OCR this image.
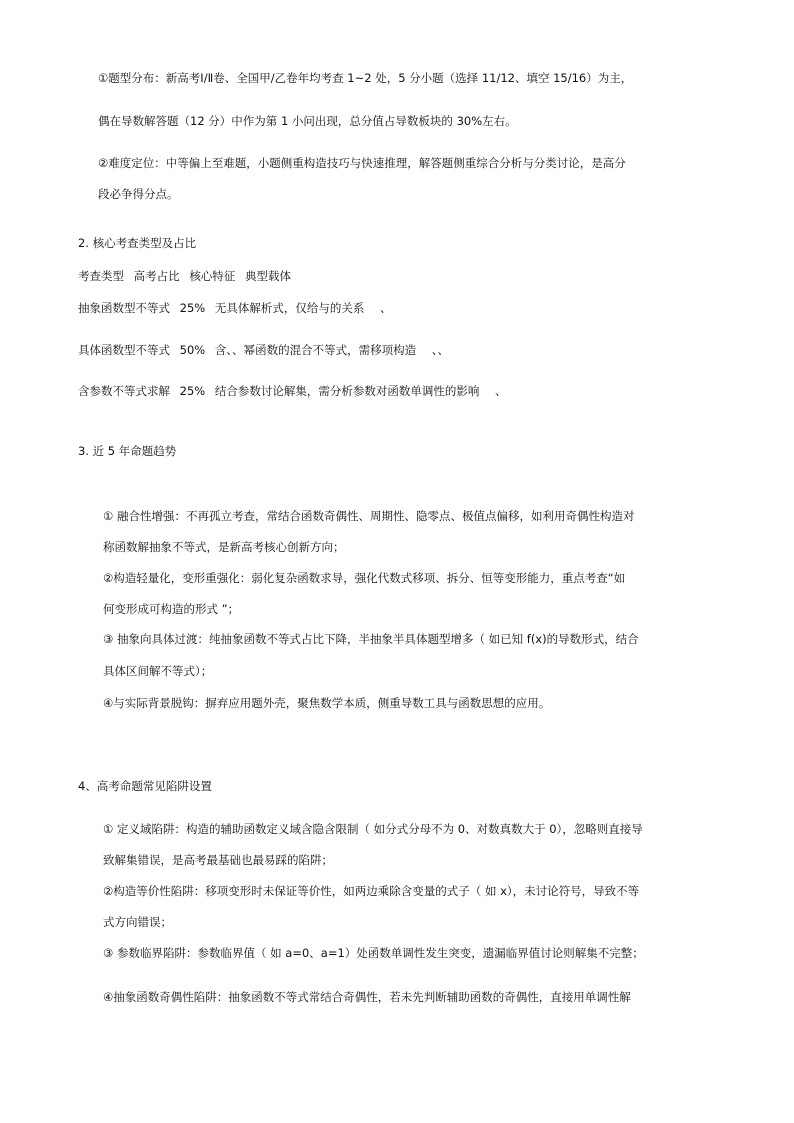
①题型分布：新高考Ⅰ/Ⅱ卷、全国甲/乙卷年均考查 1~2 处，5 分小题（选择 11/12、填空 15/16）为主，
偶在导数解答题（12 分）中作为第 1 小问出现，总分值占导数板块的 30%左右。
②难度定位：中等偏上至难题，小题侧重构造技巧与快速推理，解答题侧重综合分析与分类讨论，是高分
段必争得分点。
2. 核心考查类型及占比
考查类型 高考占比 核心特征 典型载体
抽象函数型不等式 25% 无具体解析式，仅给与的关系 、
具体函数型不等式 50% 含、、幂函数的混合不等式，需移项构造 、、
含参数不等式求解 25% 结合参数讨论解集，需分析参数对函数单调性的影响 、
3. 近 5 年命题趋势
① 融合性增强：不再孤立考查，常结合函数奇偶性、周期性、隐零点、极值点偏移，如利用奇偶性构造对
称函数解抽象不等式，是新高考核心创新方向；
②构造轻量化，变形重强化：弱化复杂函数求导，强化代数式移项、拆分、恒等变形能力，重点考查“如
何变形成可构造的形式 ”；
③ 抽象向具体过渡：纯抽象函数不等式占比下降，半抽象半具体题型增多（ 如已知 f(x)的导数形式，结合
具体区间解不等式）；
④与实际背景脱钩：摒弃应用题外壳，聚焦数学本质，侧重导数工具与函数思想的应用。
4、高考命题常见陷阱设置
① 定义域陷阱：构造的辅助函数定义域含隐含限制（ 如分式分母不为 0、对数真数大于 0），忽略则直接导
致解集错误，是高考最基础也最易踩的陷阱；
②构造等价性陷阱：移项变形时未保证等价性，如两边乘除含变量的式子（ 如 x），未讨论符号，导致不等
式方向错误；
③ 参数临界陷阱：参数临界值（ 如 a=0、a=1）处函数单调性发生突变，遗漏临界值讨论则解集不完整；
④抽象函数奇偶性陷阱：抽象函数不等式常结合奇偶性，若未先判断辅助函数的奇偶性，直接用单调性解
